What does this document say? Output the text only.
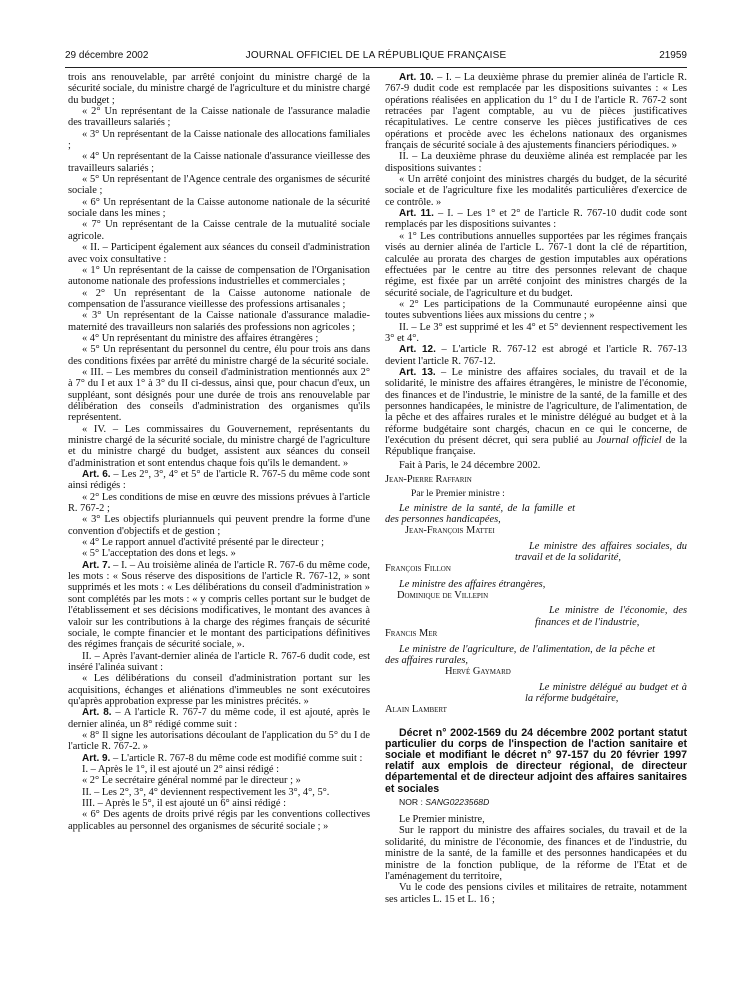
29 décembre 2002	JOURNAL OFFICIEL DE LA RÉPUBLIQUE FRANÇAISE	21959

trois ans renouvelable, par arrêté conjoint du ministre chargé de la sécurité sociale, du ministre chargé de l'agriculture et du ministre chargé du budget ;

« 2° Un représentant de la Caisse nationale de l'assurance maladie des travailleurs salariés ;

« 3° Un représentant de la Caisse nationale des allocations familiales ;

« 4° Un représentant de la Caisse nationale d'assurance vieillesse des travailleurs salariés ;

« 5° Un représentant de l'Agence centrale des organismes de sécurité sociale ;

« 6° Un représentant de la Caisse autonome nationale de la sécurité sociale dans les mines ;

« 7° Un représentant de la Caisse centrale de la mutualité sociale agricole.

« II. – Participent également aux séances du conseil d'administration avec voix consultative :

« 1° Un représentant de la caisse de compensation de l'Organisation autonome nationale des professions industrielles et commerciales ;

« 2° Un représentant de la Caisse autonome nationale de compensation de l'assurance vieillesse des professions artisanales ;

« 3° Un représentant de la Caisse nationale d'assurance maladie-maternité des travailleurs non salariés des professions non agricoles ;

« 4° Un représentant du ministre des affaires étrangères ;

« 5° Un représentant du personnel du centre, élu pour trois ans dans des conditions fixées par arrêté du ministre chargé de la sécurité sociale.

« III. – Les membres du conseil d'administration mentionnés aux 2° à 7° du I et aux 1° à 3° du II ci-dessus, ainsi que, pour chacun d'eux, un suppléant, sont désignés pour une durée de trois ans renouvelable par délibération des conseils d'administration des organismes qu'ils représentent.

« IV. – Les commissaires du Gouvernement, représentants du ministre chargé de la sécurité sociale, du ministre chargé de l'agriculture et du ministre chargé du budget, assistent aux séances du conseil d'administration et sont entendus chaque fois qu'ils le demandent. »

Art. 6. – Les 2°, 3°, 4° et 5° de l'article R. 767-5 du même code sont ainsi rédigés :

« 2° Les conditions de mise en œuvre des missions prévues à l'article R. 767-2 ;

« 3° Les objectifs pluriannuels qui peuvent prendre la forme d'une convention d'objectifs et de gestion ;

« 4° Le rapport annuel d'activité présenté par le directeur ;

« 5° L'acceptation des dons et legs. »

Art. 7. – I. – Au troisième alinéa de l'article R. 767-6 du même code, les mots : « Sous réserve des dispositions de l'article R. 767-12, » sont supprimés et les mots : « Les délibérations du conseil d'administration » sont complétés par les mots : « y compris celles portant sur le budget de l'établissement et ses décisions modificatives, le montant des avances à valoir sur les contributions à la charge des régimes français de sécurité sociale, le compte financier et le montant des participations définitives des régimes français de sécurité sociale, ».

II. – Après l'avant-dernier alinéa de l'article R. 767-6 dudit code, est inséré l'alinéa suivant :

« Les délibérations du conseil d'administration portant sur les acquisitions, échanges et aliénations d'immeubles ne sont exécutoires qu'après approbation expresse par les ministres précités. »

Art. 8. – A l'article R. 767-7 du même code, il est ajouté, après le dernier alinéa, un 8° rédigé comme suit :

« 8° Il signe les autorisations découlant de l'application du 5° du I de l'article R. 767-2. »

Art. 9. – L'article R. 767-8 du même code est modifié comme suit :

I. – Après le 1°, il est ajouté un 2° ainsi rédigé :

« 2° Le secrétaire général nommé par le directeur ; »

II. – Les 2°, 3°, 4° deviennent respectivement les 3°, 4°, 5°.

III. – Après le 5°, il est ajouté un 6° ainsi rédigé :

« 6° Des agents de droits privé régis par les conventions collectives applicables au personnel des organismes de sécurité sociale ; »

Art. 10. – I. – La deuxième phrase du premier alinéa de l'article R. 767-9 dudit code est remplacée par les dispositions suivantes : « Les opérations réalisées en application du 1° du I de l'article R. 767-2 sont retracées par l'agent comptable, au vu de pièces justificatives récapitulatives. Le centre conserve les pièces justificatives de ces opérations et procède avec les échelons nationaux des organismes français de sécurité sociale à des ajustements financiers périodiques. »

II. – La deuxième phrase du deuxième alinéa est remplacée par les dispositions suivantes :

« Un arrêté conjoint des ministres chargés du budget, de la sécurité sociale et de l'agriculture fixe les modalités particulières d'exercice de ce contrôle. »

Art. 11. – I. – Les 1° et 2° de l'article R. 767-10 dudit code sont remplacés par les dispositions suivantes :

« 1° Les contributions annuelles supportées par les régimes français visés au dernier alinéa de l'article L. 767-1 dont la clé de répartition, calculée au prorata des charges de gestion imputables aux opérations effectuées par le centre au titre des personnes relevant de chaque régime, est fixée par un arrêté conjoint des ministres chargés de la sécurité sociale, de l'agriculture et du budget.

« 2° Les participations de la Communauté européenne ainsi que toutes subventions liées aux missions du centre ; »

II. – Le 3° est supprimé et les 4° et 5° deviennent respectivement les 3° et 4°.

Art. 12. – L'article R. 767-12 est abrogé et l'article R. 767-13 devient l'article R. 767-12.

Art. 13. – Le ministre des affaires sociales, du travail et de la solidarité, le ministre des affaires étrangères, le ministre de l'économie, des finances et de l'industrie, le ministre de la santé, de la famille et des personnes handicapées, le ministre de l'agriculture, de l'alimentation, de la pêche et des affaires rurales et le ministre délégué au budget et à la réforme budgétaire sont chargés, chacun en ce qui le concerne, de l'exécution du présent décret, qui sera publié au Journal officiel de la République française.

Fait à Paris, le 24 décembre 2002.

Jean-Pierre Raffarin

Par le Premier ministre :

Le ministre de la santé, de la famille et des personnes handicapées,

Jean-François Mattei

Le ministre des affaires sociales, du travail et de la solidarité,

François Fillon

Le ministre des affaires étrangères,

Dominique de Villepin

Le ministre de l'économie, des finances et de l'industrie,

Francis Mer

Le ministre de l'agriculture, de l'alimentation, de la pêche et des affaires rurales,

Hervé Gaymard

Le ministre délégué au budget et à la réforme budgétaire,

Alain Lambert

Décret n° 2002-1569 du 24 décembre 2002 portant statut particulier du corps de l'inspection de l'action sanitaire et sociale et modifiant le décret n° 97-157 du 20 février 1997 relatif aux emplois de directeur régional, de directeur départemental et de directeur adjoint des affaires sanitaires et sociales

NOR : SANG0223568D

Le Premier ministre,

Sur le rapport du ministre des affaires sociales, du travail et de la solidarité, du ministre de l'économie, des finances et de l'industrie, du ministre de la santé, de la famille et des personnes handicapées et du ministre de la fonction publique, de la réforme de l'Etat et de l'aménagement du territoire,

Vu le code des pensions civiles et militaires de retraite, notamment ses articles L. 15 et L. 16 ;
